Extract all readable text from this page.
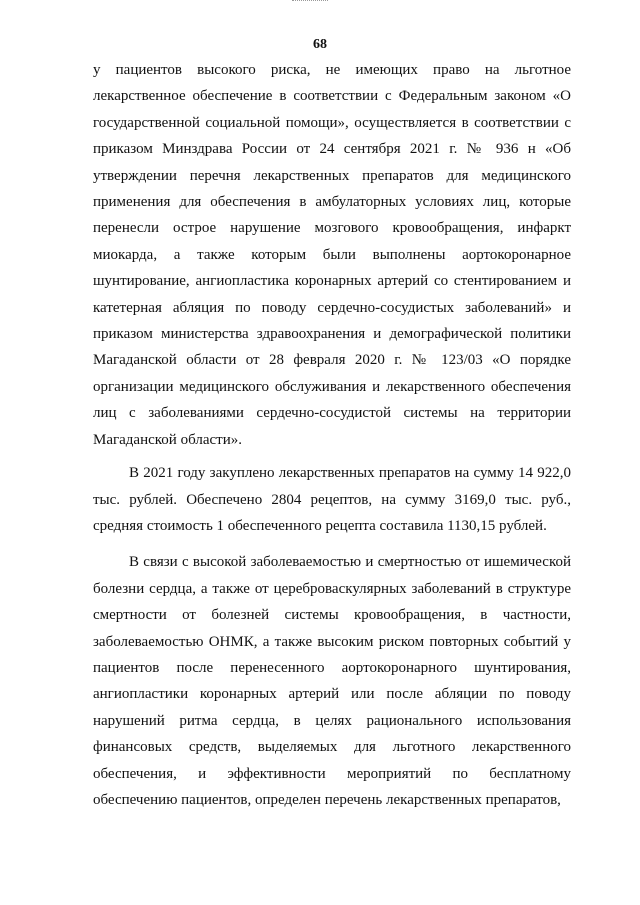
68

у пациентов высокого риска, не имеющих право на льготное лекарственное обеспечение в соответствии с Федеральным законом «О государственной социальной помощи», осуществляется в соответствии с приказом Минздрава России от 24 сентября 2021 г. № 936 н «Об утверждении перечня лекарственных препаратов для медицинского применения для обеспечения в амбулаторных условиях лиц, которые перенесли острое нарушение мозгового кровообращения, инфаркт миокарда, а также которым были выполнены аортокоронарное шунтирование, ангиопластика коронарных артерий со стентированием и катетерная абляция по поводу сердечно-сосудистых заболеваний» и приказом министерства здравоохранения и демографической политики Магаданской области от 28 февраля 2020 г. № 123/03 «О порядке организации медицинского обслуживания и лекарственного обеспечения лиц с заболеваниями сердечно-сосудистой системы на территории Магаданской области».

В 2021 году закуплено лекарственных препаратов на сумму 14 922,0 тыс. рублей. Обеспечено 2804 рецептов, на сумму 3169,0 тыс. руб., средняя стоимость 1 обеспеченного рецепта составила 1130,15 рублей.

В связи с высокой заболеваемостью и смертностью от ишемической болезни сердца, а также от цереброваскулярных заболеваний в структуре смертности от болезней системы кровообращения, в частности, заболеваемостью ОНМК, а также высоким риском повторных событий у пациентов после перенесенного аортокоронарного шунтирования, ангиопластики коронарных артерий или после абляции по поводу нарушений ритма сердца, в целях рационального использования финансовых средств, выделяемых для льготного лекарственного обеспечения, и эффективности мероприятий по бесплатному обеспечению пациентов, определен перечень лекарственных препаратов,
